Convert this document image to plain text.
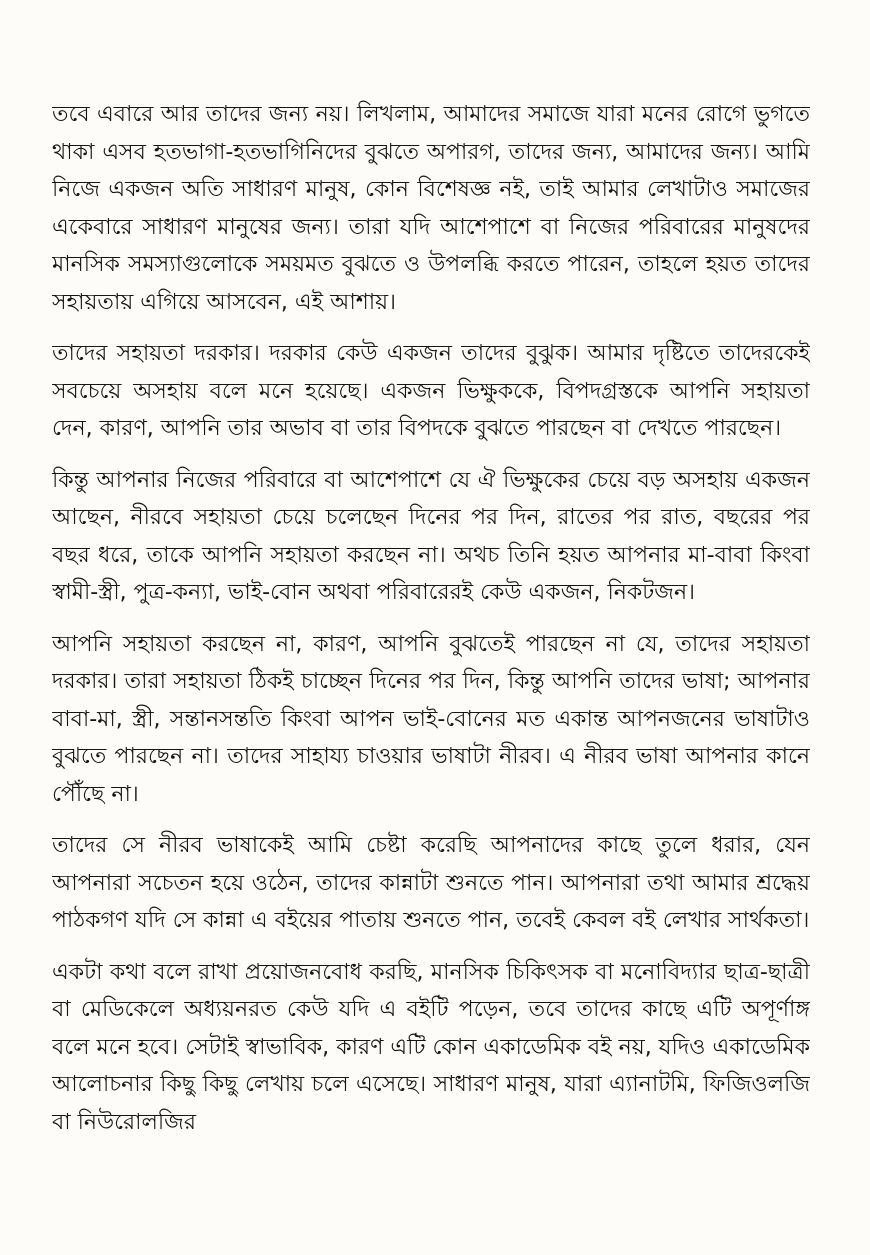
তবে এবারে আর তাদের জন্য নয়। লিখলাম, আমাদের সমাজে যারা মনের রোগে ভুগতে থাকা এসব হতভাগা-হতভাগিনিদের বুঝতে অপারগ, তাদের জন্য, আমাদের জন্য। আমি নিজে একজন অতি সাধারণ মানুষ, কোন বিশেষজ্ঞ নই, তাই আমার লেখাটাও সমাজের একেবারে সাধারণ মানুষের জন্য। তারা যদি আশেপাশে বা নিজের পরিবারের মানুষদের মানসিক সমস্যাগুলোকে সময়মত বুঝতে ও উপলব্ধি করতে পারেন, তাহলে হয়ত তাদের সহায়তায় এগিয়ে আসবেন, এই আশায়।

তাদের সহায়তা দরকার। দরকার কেউ একজন তাদের বুঝুক। আমার দৃষ্টিতে তাদেরকেই সবচেয়ে অসহায় বলে মনে হয়েছে। একজন ভিক্ষুককে, বিপদগ্রস্তকে আপনি সহায়তা দেন, কারণ, আপনি তার অভাব বা তার বিপদকে বুঝতে পারছেন বা দেখতে পারছেন।

কিন্তু আপনার নিজের পরিবারে বা আশেপাশে যে ঐ ভিক্ষুকের চেয়ে বড় অসহায় একজন আছেন, নীরবে সহায়তা চেয়ে চলেছেন দিনের পর দিন, রাতের পর রাত, বছরের পর বছর ধরে, তাকে আপনি সহায়তা করছেন না। অথচ তিনি হয়ত আপনার মা-বাবা কিংবা স্বামী-স্ত্রী, পুত্র-কন্যা, ভাই-বোন অথবা পরিবারেরই কেউ একজন, নিকটজন।

আপনি সহায়তা করছেন না, কারণ, আপনি বুঝতেই পারছেন না যে, তাদের সহায়তা দরকার। তারা সহায়তা ঠিকই চাচ্ছেন দিনের পর দিন, কিন্তু আপনি তাদের ভাষা; আপনার বাবা-মা, স্ত্রী, সন্তানসন্ততি কিংবা আপন ভাই-বোনের মত একান্ত আপনজনের ভাষাটাও বুঝতে পারছেন না। তাদের সাহায্য চাওয়ার ভাষাটা নীরব। এ নীরব ভাষা আপনার কানে পৌঁছে না।

তাদের সে নীরব ভাষাকেই আমি চেষ্টা করেছি আপনাদের কাছে তুলে ধরার, যেন আপনারা সচেতন হয়ে ওঠেন, তাদের কান্নাটা শুনতে পান। আপনারা তথা আমার শ্রদ্ধেয় পাঠকগণ যদি সে কান্না এ বইয়ের পাতায় শুনতে পান, তবেই কেবল বই লেখার সার্থকতা।

একটা কথা বলে রাখা প্রয়োজনবোধ করছি, মানসিক চিকিৎসক বা মনোবিদ্যার ছাত্র-ছাত্রী বা মেডিকেলে অধ্যয়নরত কেউ যদি এ বইটি পড়েন, তবে তাদের কাছে এটি অপূর্ণাঙ্গ বলে মনে হবে। সেটাই স্বাভাবিক, কারণ এটি কোন একাডেমিক বই নয়, যদিও একাডেমিক আলোচনার কিছু কিছু লেখায় চলে এসেছে। সাধারণ মানুষ, যারা এ্যানাটমি, ফিজিওলজি বা নিউরোলজির
